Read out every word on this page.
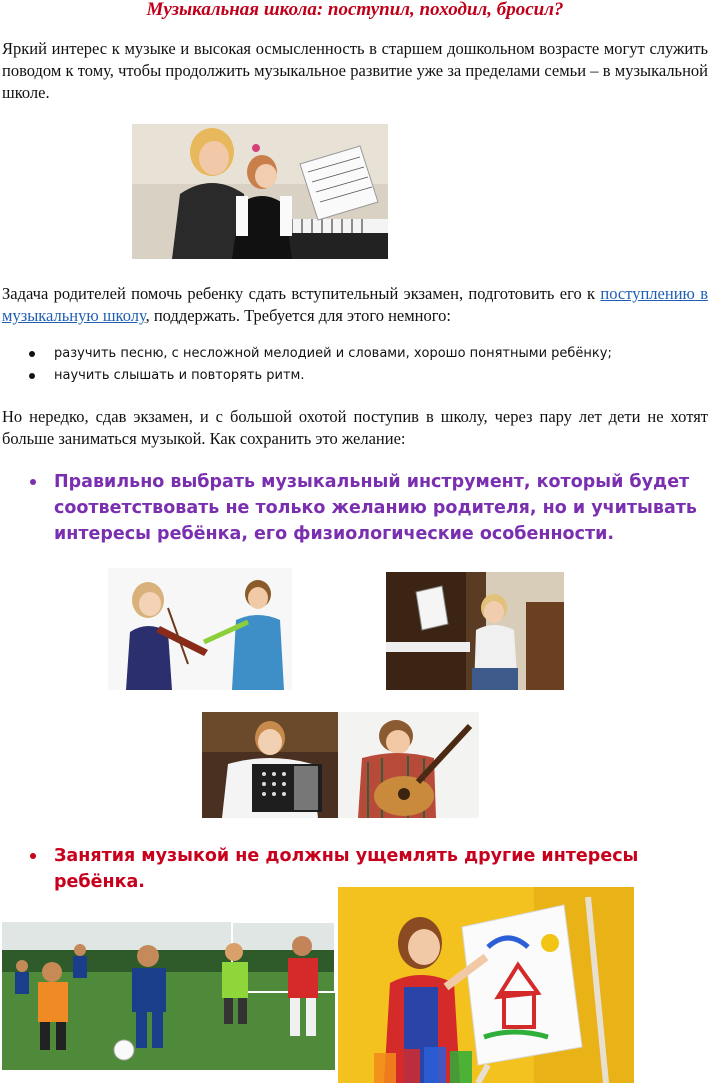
Музыкальная школа: поступил, походил, бросил?

Яркий интерес к музыке и высокая осмысленность в старшем дошкольном возрасте могут служить поводом к тому, чтобы продолжить музыкальное развитие уже за пределами семьи – в музыкальной школе.

Задача родителей помочь ребенку сдать вступительный экзамен, подготовить его к поступлению в музыкальную школу, поддержать. Требуется для этого немного:

разучить песню, с несложной мелодией и словами, хорошо понятными ребёнку;
научить слышать и повторять ритм.

Но нередко, сдав экзамен, и с большой охотой поступив в школу, через пару лет дети не хотят больше заниматься музыкой. Как сохранить это желание:

Правильно выбрать музыкальный инструмент, который будет соответствовать не только желанию родителя, но и учитывать интересы ребёнка, его физиологические особенности.
Занятия музыкой не должны ущемлять другие интересы ребёнка.
